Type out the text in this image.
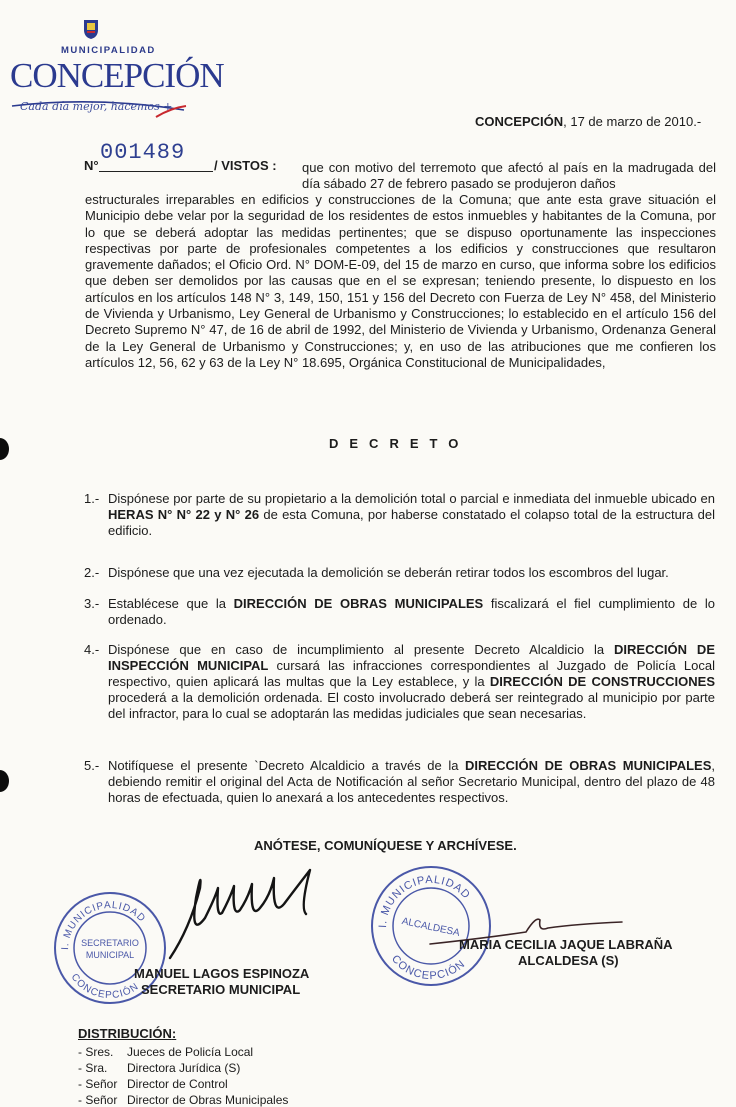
MUNICIPALIDAD
CONCEPCIÓN
Cada día mejor, hacemos +
CONCEPCIÓN, 17 de marzo de 2010.-
N°
001489
/ VISTOS : que con motivo del terremoto que afectó al país en la madrugada del día sábado 27 de febrero pasado se produjeron daños
estructurales irreparables en edificios y construcciones de la Comuna; que ante esta grave situación el Municipio debe velar por la seguridad de los residentes de estos inmuebles y habitantes de la Comuna, por lo que se deberá adoptar las medidas pertinentes; que se dispuso oportunamente las inspecciones respectivas por parte de profesionales competentes a los edificios y construcciones que resultaron gravemente dañados; el Oficio Ord. N° DOM-E-09, del 15 de marzo en curso, que informa sobre los edificios que deben ser demolidos por las causas que en el se expresan; teniendo presente, lo dispuesto en los artículos en los artículos 148 N° 3, 149, 150, 151 y 156 del Decreto con Fuerza de Ley N° 458, del Ministerio de Vivienda y Urbanismo, Ley General de Urbanismo y Construcciones; lo establecido en el artículo 156 del Decreto Supremo N° 47, de 16 de abril de 1992, del Ministerio de Vivienda y Urbanismo, Ordenanza General de la Ley General de Urbanismo y Construcciones; y, en uso de las atribuciones que me confieren los artículos 12, 56, 62 y 63 de la Ley N° 18.695, Orgánica Constitucional de Municipalidades,
DECRETO
1.- Dispónese por parte de su propietario a la demolición total o parcial e inmediata del inmueble ubicado en HERAS N° N° 22 y N° 26 de esta Comuna, por haberse constatado el colapso total de la estructura del edificio.
2.- Dispónese que una vez ejecutada la demolición se deberán retirar todos los escombros del lugar.
3.- Establécese que la DIRECCIÓN DE OBRAS MUNICIPALES fiscalizará el fiel cumplimiento de lo ordenado.
4.- Dispónese que en caso de incumplimiento al presente Decreto Alcaldicio la DIRECCIÓN DE INSPECCIÓN MUNICIPAL cursará las infracciones correspondientes al Juzgado de Policía Local respectivo, quien aplicará las multas que la Ley establece, y la DIRECCIÓN DE CONSTRUCCIONES procederá a la demolición ordenada. El costo involucrado deberá ser reintegrado al municipio por parte del infractor, para lo cual se adoptarán las medidas judiciales que sean necesarias.
5.- Notifíquese el presente `Decreto Alcaldicio a través de la DIRECCIÓN DE OBRAS MUNICIPALES, debiendo remitir el original del Acta de Notificación al señor Secretario Municipal, dentro del plazo de 48 horas de efectuada, quien lo anexará a los antecedentes respectivos.
ANÓTESE, COMUNÍQUESE Y ARCHÍVESE.
I. MUNICIPALIDAD
CONCEPCIÓN
SECRETARIO
MUNICIPAL
I. MUNICIPALIDAD
CONCEPCIÓN
ALCALDESA
MANUEL LAGOS ESPINOZA
SECRETARIO MUNICIPAL
MARIA CECILIA JAQUE LABRAÑA
ALCALDESA (S)
DISTRIBUCIÓN:
- Sres. Jueces de Policía Local
- Sra. Directora Jurídica (S)
- Señor Director de Control
- Señor Director de Obras Municipales
